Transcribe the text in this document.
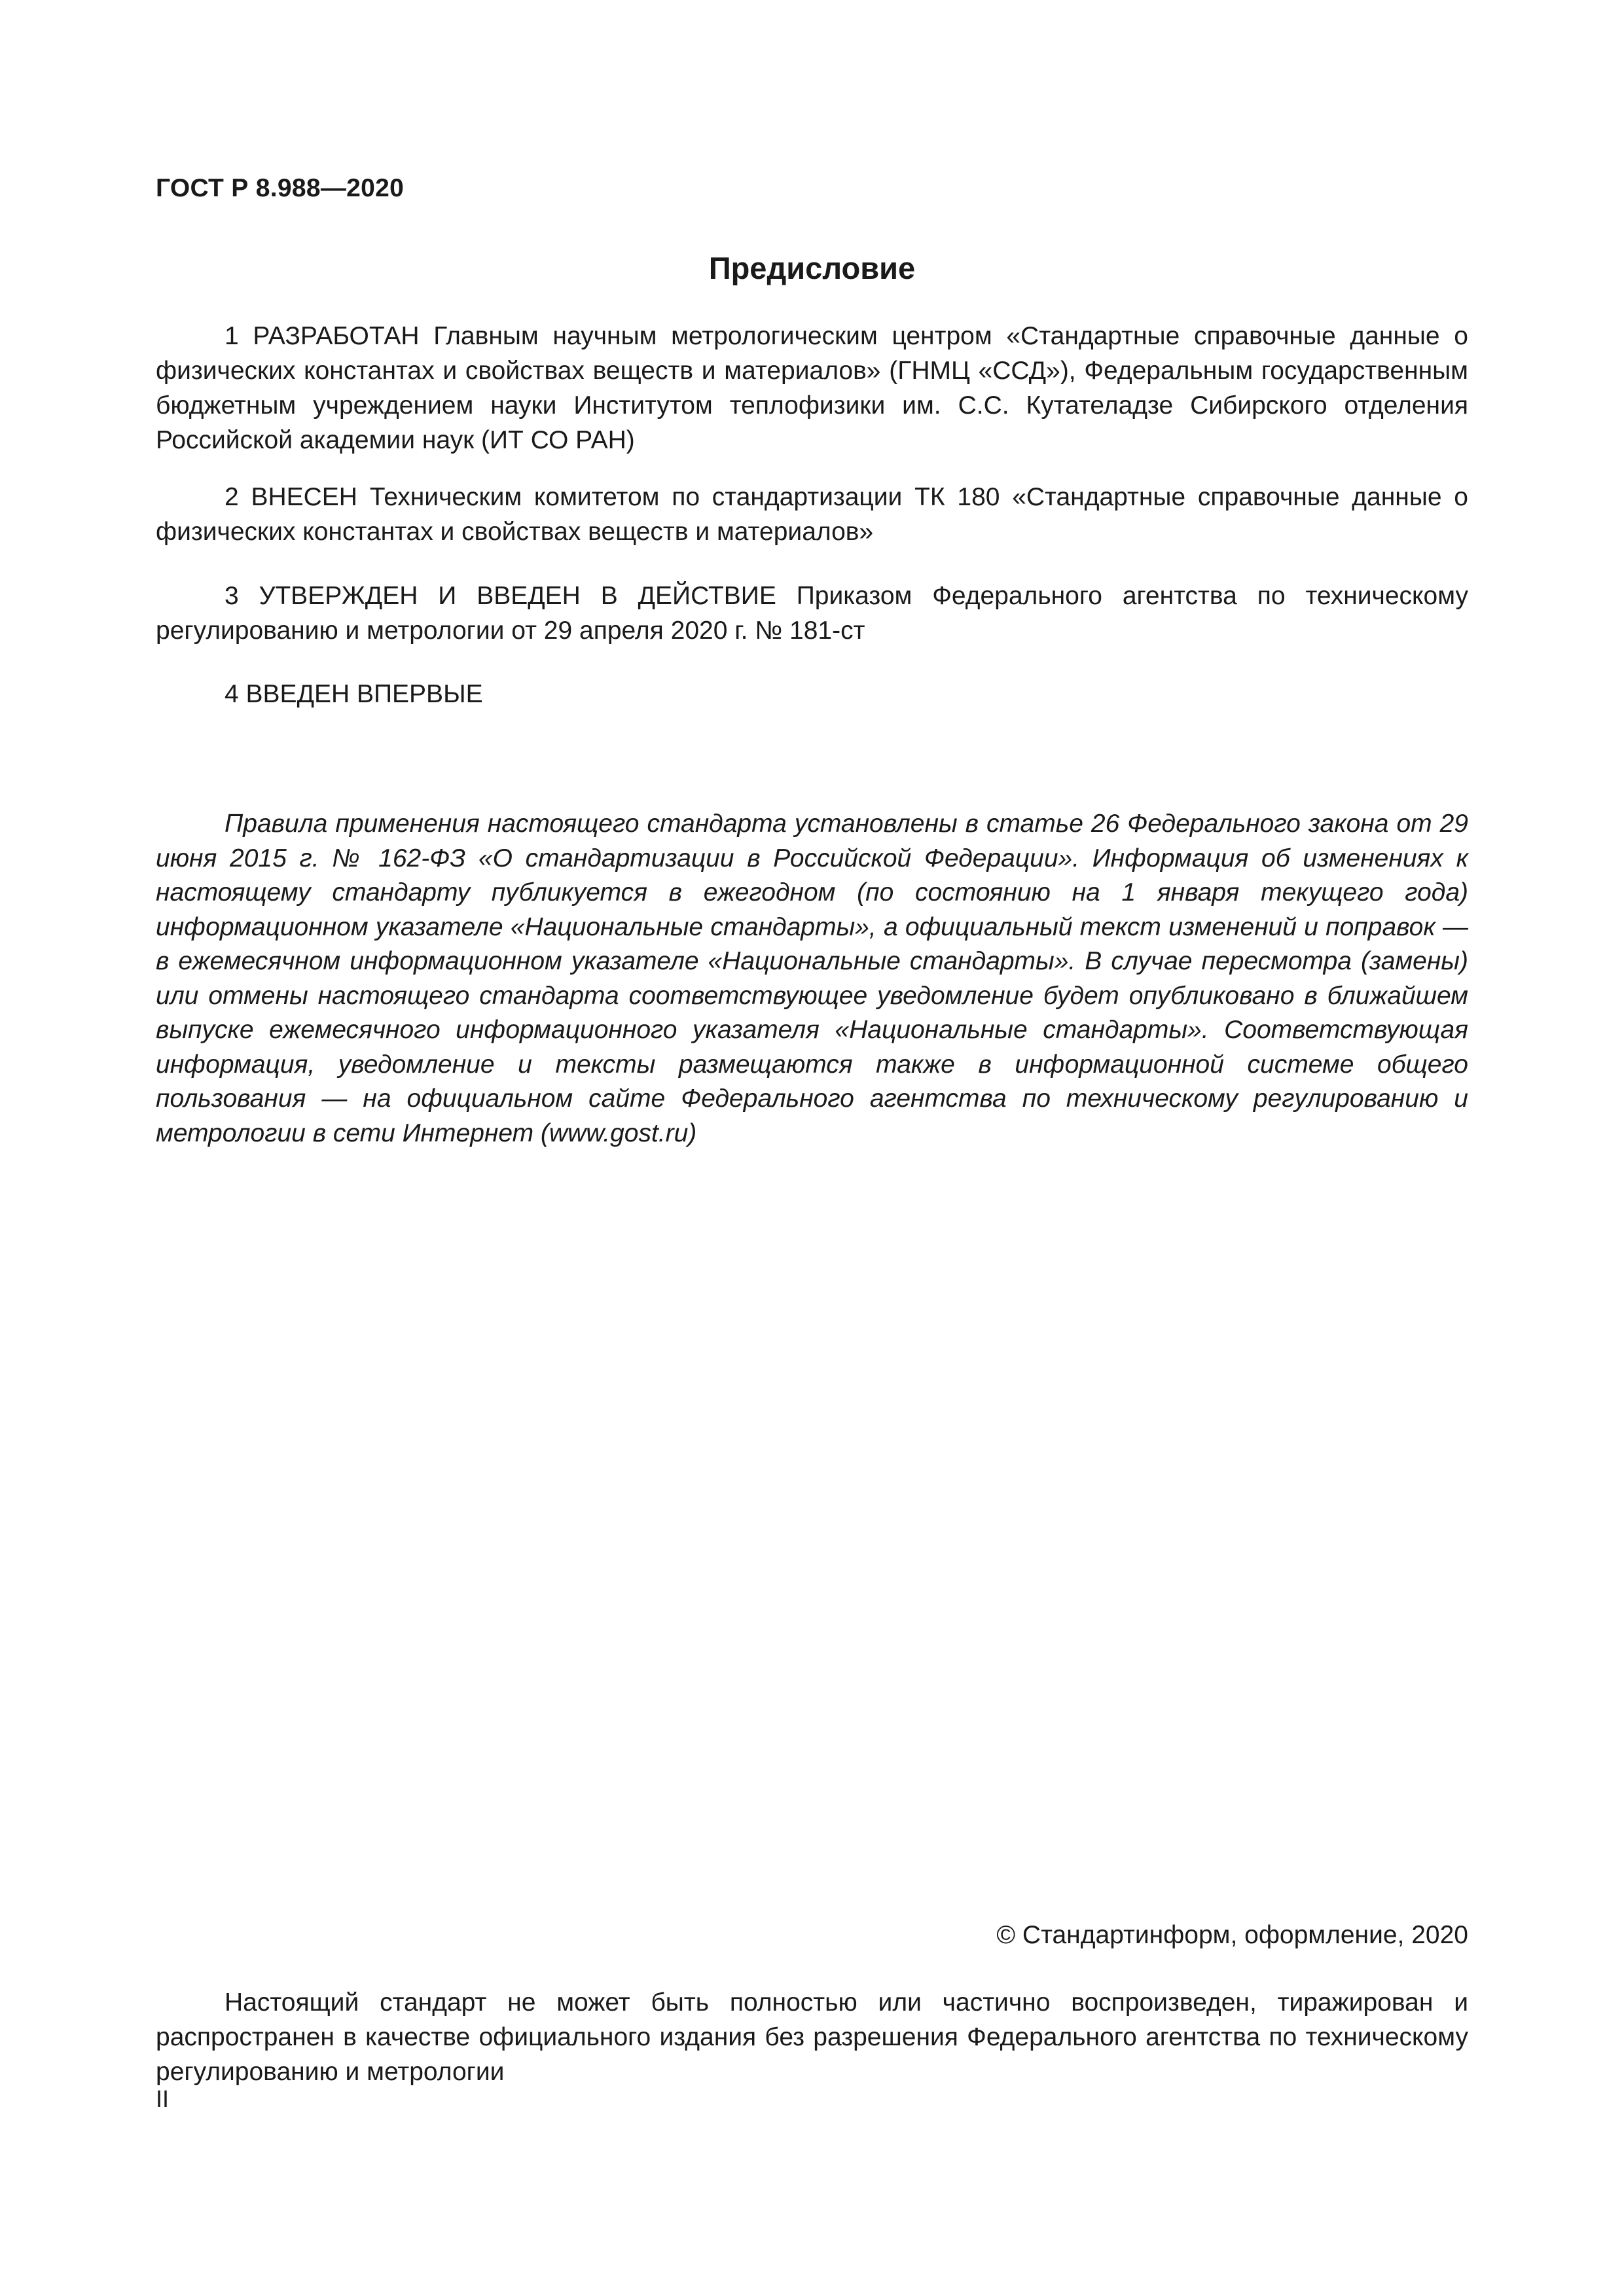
ГОСТ Р 8.988—2020

Предисловие

1 РАЗРАБОТАН Главным научным метрологическим центром «Стандартные справочные данные о физических константах и свойствах веществ и материалов» (ГНМЦ «ССД»), Федеральным государственным бюджетным учреждением науки Институтом теплофизики им. С.С. Кутателадзе Сибирского отделения Российской академии наук (ИТ СО РАН)

2 ВНЕСЕН Техническим комитетом по стандартизации ТК 180 «Стандартные справочные данные о физических константах и свойствах веществ и материалов»

3 УТВЕРЖДЕН И ВВЕДЕН В ДЕЙСТВИЕ Приказом Федерального агентства по техническому регулированию и метрологии от 29 апреля 2020 г. № 181-ст

4 ВВЕДЕН ВПЕРВЫЕ

Правила применения настоящего стандарта установлены в статье 26 Федерального закона от 29 июня 2015 г. № 162-ФЗ «О стандартизации в Российской Федерации». Информация об изменениях к настоящему стандарту публикуется в ежегодном (по состоянию на 1 января текущего года) информационном указателе «Национальные стандарты», а официальный текст изменений и поправок — в ежемесячном информационном указателе «Национальные стандарты». В случае пересмотра (замены) или отмены настоящего стандарта соответствующее уведомление будет опубликовано в ближайшем выпуске ежемесячного информационного указателя «Национальные стандарты». Соответствующая информация, уведомление и тексты размещаются также в информационной системе общего пользования — на официальном сайте Федерального агентства по техническому регулированию и метрологии в сети Интернет (www.gost.ru)

© Стандартинформ, оформление, 2020

Настоящий стандарт не может быть полностью или частично воспроизведен, тиражирован и распространен в качестве официального издания без разрешения Федерального агентства по техническому регулированию и метрологии

II
